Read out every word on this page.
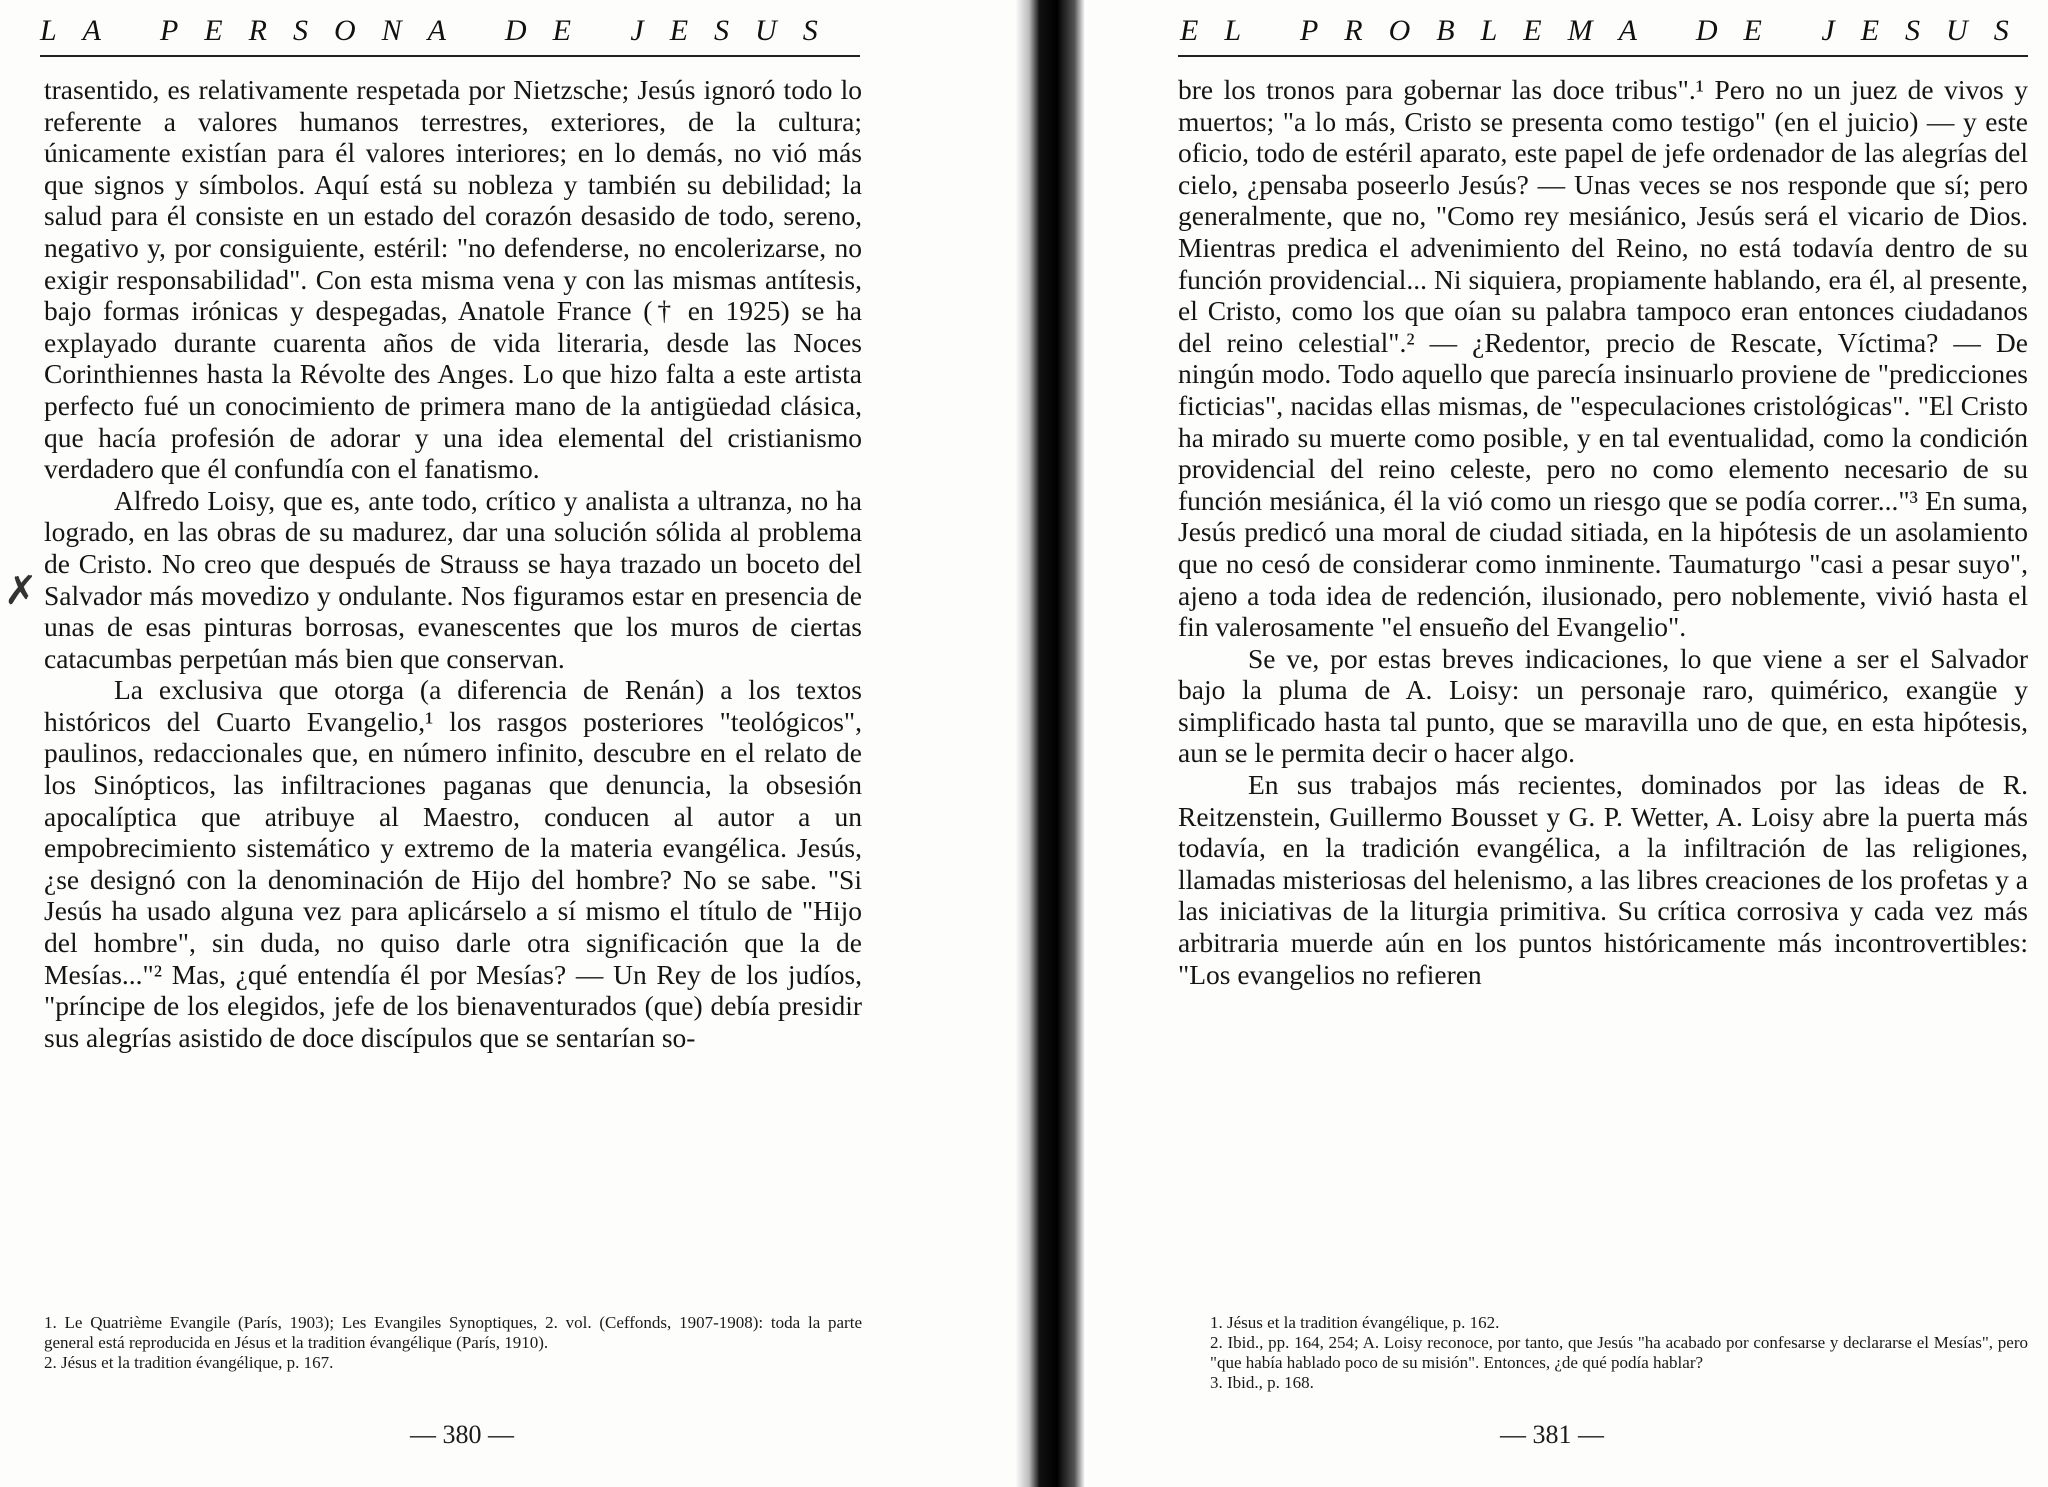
LA PERSONA DE JESUS
✗

trasentido, es relativamente respetada por Nietzsche; Jesús ignoró todo lo referente a valores humanos terrestres, exteriores, de la cultura; únicamente existían para él valores interiores; en lo demás, no vió más que signos y símbolos. Aquí está su nobleza y también su debilidad; la salud para él consiste en un estado del corazón desasido de todo, sereno, negativo y, por consiguiente, estéril: "no defenderse, no encolerizarse, no exigir responsabilidad". Con esta misma vena y con las mismas antítesis, bajo formas irónicas y despegadas, Anatole France († en 1925) se ha explayado durante cuarenta años de vida literaria, desde las Noces Corinthiennes hasta la Révolte des Anges. Lo que hizo falta a este artista perfecto fué un conocimiento de primera mano de la antigüedad clásica, que hacía profesión de adorar y una idea elemental del cristianismo verdadero que él confundía con el fanatismo.

Alfredo Loisy, que es, ante todo, crítico y analista a ultranza, no ha logrado, en las obras de su madurez, dar una solución sólida al problema de Cristo. No creo que después de Strauss se haya trazado un boceto del Salvador más movedizo y ondulante. Nos figuramos estar en presencia de unas de esas pinturas borrosas, evanescentes que los muros de ciertas catacumbas perpetúan más bien que conservan.

La exclusiva que otorga (a diferencia de Renán) a los textos históricos del Cuarto Evangelio,¹ los rasgos posteriores "teológicos", paulinos, redaccionales que, en número infinito, descubre en el relato de los Sinópticos, las infiltraciones paganas que denuncia, la obsesión apocalíptica que atribuye al Maestro, conducen al autor a un empobrecimiento sistemático y extremo de la materia evangélica. Jesús, ¿se designó con la denominación de Hijo del hombre? No se sabe. "Si Jesús ha usado alguna vez para aplicárselo a sí mismo el título de "Hijo del hombre", sin duda, no quiso darle otra significación que la de Mesías..."² Mas, ¿qué entendía él por Mesías? — Un Rey de los judíos, "príncipe de los elegidos, jefe de los bienaventurados (que) debía presidir sus alegrías asistido de doce discípulos que se sentarían so-

1. Le Quatrième Evangile (París, 1903); Les Evangiles Synoptiques, 2. vol. (Ceffonds, 1907-1908): toda la parte general está reproducida en Jésus et la tradition évangélique (París, 1910).

2. Jésus et la tradition évangélique, p. 167.

— 380 —
EL PROBLEMA DE JESUS

bre los tronos para gobernar las doce tribus".¹ Pero no un juez de vivos y muertos; "a lo más, Cristo se presenta como testigo" (en el juicio) — y este oficio, todo de estéril aparato, este papel de jefe ordenador de las alegrías del cielo, ¿pensaba poseerlo Jesús? — Unas veces se nos responde que sí; pero generalmente, que no, "Como rey mesiánico, Jesús será el vicario de Dios. Mientras predica el advenimiento del Reino, no está todavía dentro de su función providencial... Ni siquiera, propiamente hablando, era él, al presente, el Cristo, como los que oían su palabra tampoco eran entonces ciudadanos del reino celestial".² — ¿Redentor, precio de Rescate, Víctima? — De ningún modo. Todo aquello que parecía insinuarlo proviene de "predicciones ficticias", nacidas ellas mismas, de "especulaciones cristológicas". "El Cristo ha mirado su muerte como posible, y en tal eventualidad, como la condición providencial del reino celeste, pero no como elemento necesario de su función mesiánica, él la vió como un riesgo que se podía correr..."³ En suma, Jesús predicó una moral de ciudad sitiada, en la hipótesis de un asolamiento que no cesó de considerar como inminente. Taumaturgo "casi a pesar suyo", ajeno a toda idea de redención, ilusionado, pero noblemente, vivió hasta el fin valerosamente "el ensueño del Evangelio".

Se ve, por estas breves indicaciones, lo que viene a ser el Salvador bajo la pluma de A. Loisy: un personaje raro, quimérico, exangüe y simplificado hasta tal punto, que se maravilla uno de que, en esta hipótesis, aun se le permita decir o hacer algo.

En sus trabajos más recientes, dominados por las ideas de R. Reitzenstein, Guillermo Bousset y G. P. Wetter, A. Loisy abre la puerta más todavía, en la tradición evangélica, a la infiltración de las religiones, llamadas misteriosas del helenismo, a las libres creaciones de los profetas y a las iniciativas de la liturgia primitiva. Su crítica corrosiva y cada vez más arbitraria muerde aún en los puntos históricamente más incontrovertibles: "Los evangelios no refieren

1. Jésus et la tradition évangélique, p. 162.

2. Ibid., pp. 164, 254; A. Loisy reconoce, por tanto, que Jesús "ha acabado por confesarse y declararse el Mesías", pero "que había hablado poco de su misión". Entonces, ¿de qué podía hablar?

3. Ibid., p. 168.

— 381 —
